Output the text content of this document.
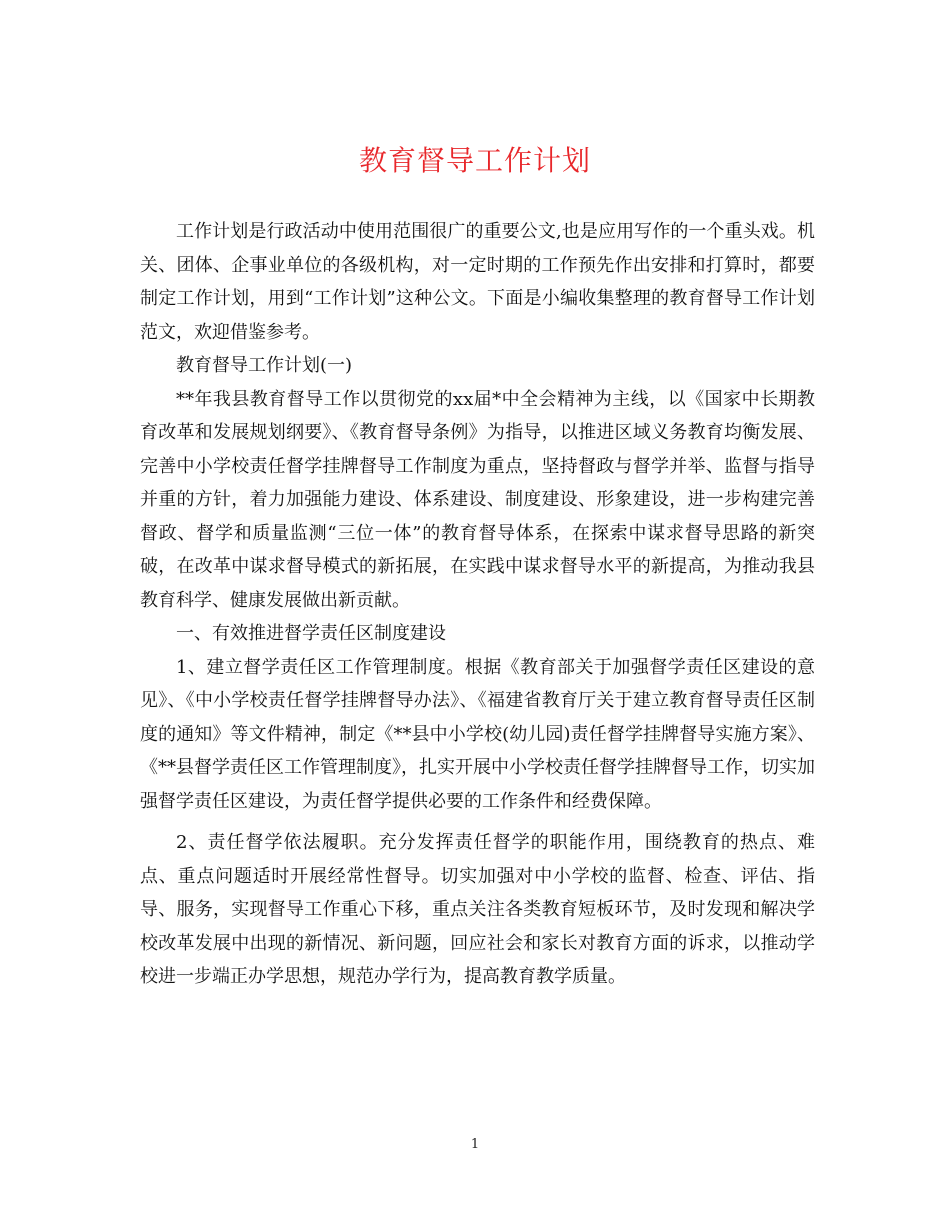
教育督导工作计划

工作计划是行政活动中使用范围很广的重要公文,也是应用写作的一个重头戏。机关、团体、企事业单位的各级机构，对一定时期的工作预先作出安排和打算时，都要制定工作计划，用到“工作计划”这种公文。下面是小编收集整理的教育督导工作计划范文，欢迎借鉴参考。

教育督导工作计划(一)

**年我县教育督导工作以贯彻党的xx届*中全会精神为主线，以《国家中长期教育改革和发展规划纲要》、《教育督导条例》为指导，以推进区域义务教育均衡发展、完善中小学校责任督学挂牌督导工作制度为重点，坚持督政与督学并举、监督与指导并重的方针，着力加强能力建设、体系建设、制度建设、形象建设，进一步构建完善督政、督学和质量监测“三位一体”的教育督导体系，在探索中谋求督导思路的新突破，在改革中谋求督导模式的新拓展，在实践中谋求督导水平的新提高，为推动我县教育科学、健康发展做出新贡献。

一、有效推进督学责任区制度建设

1、建立督学责任区工作管理制度。根据《教育部关于加强督学责任区建设的意见》、《中小学校责任督学挂牌督导办法》、《福建省教育厅关于建立教育督导责任区制度的通知》等文件精神，制定《**县中小学校(幼儿园)责任督学挂牌督导实施方案》、《**县督学责任区工作管理制度》，扎实开展中小学校责任督学挂牌督导工作，切实加强督学责任区建设，为责任督学提供必要的工作条件和经费保障。

2、责任督学依法履职。充分发挥责任督学的职能作用，围绕教育的热点、难点、重点问题适时开展经常性督导。切实加强对中小学校的监督、检查、评估、指导、服务，实现督导工作重心下移，重点关注各类教育短板环节，及时发现和解决学校改革发展中出现的新情况、新问题，回应社会和家长对教育方面的诉求，以推动学校进一步端正办学思想，规范办学行为，提高教育教学质量。

1
